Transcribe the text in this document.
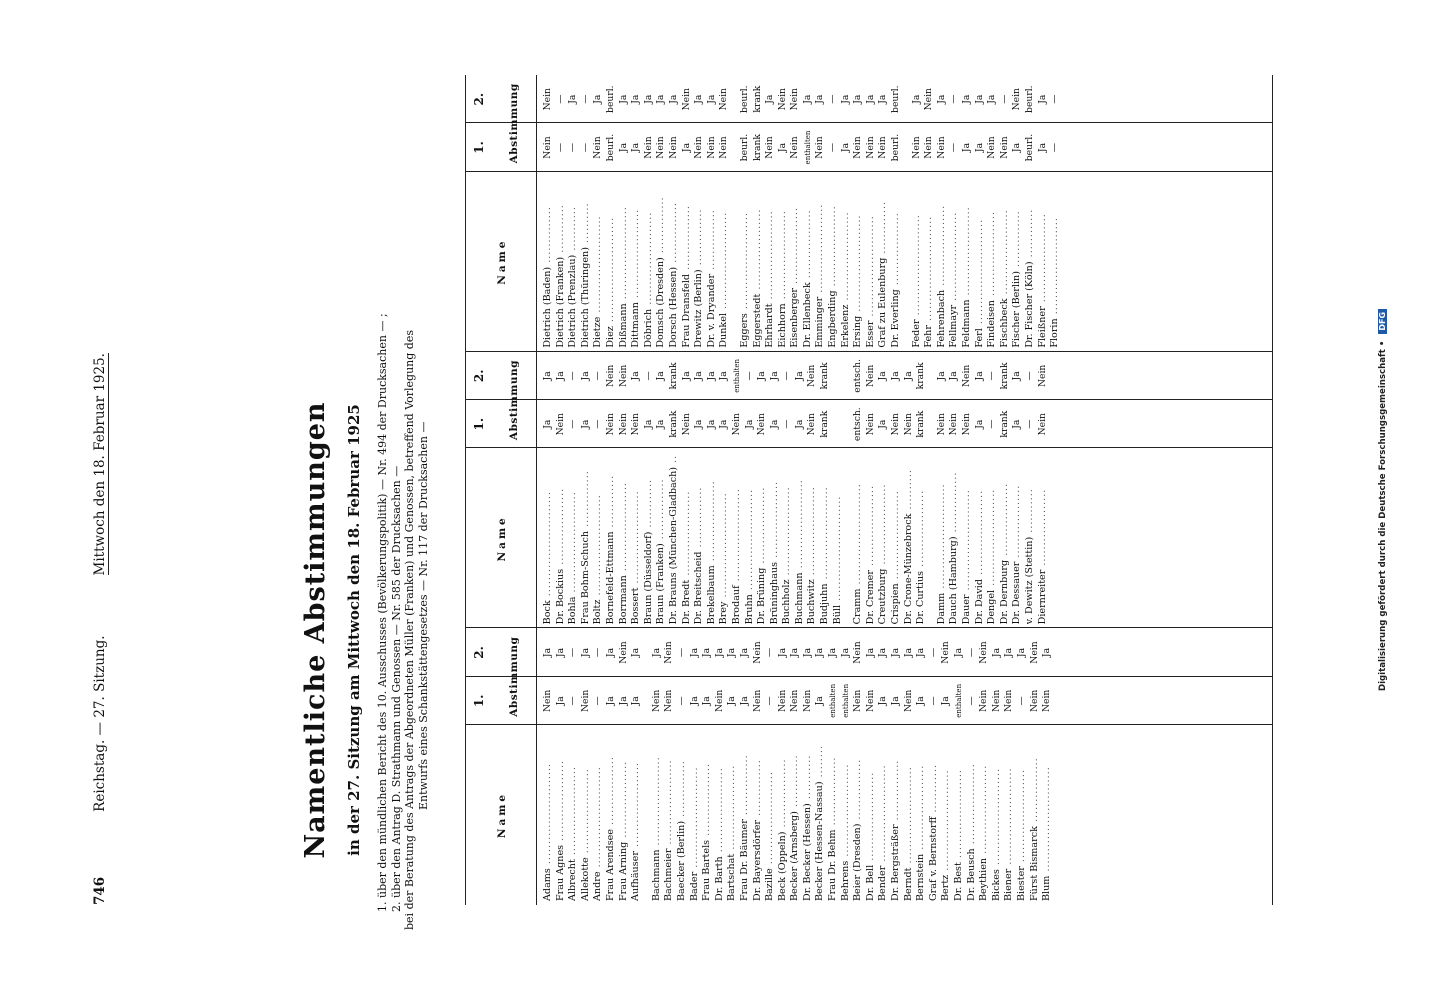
746
Reichstag. — 27. Sitzung.
Mittwoch den 18. Februar 1925.	Namentliche Abstimmungen in der 27. Sitzung am Mittwoch den 18. Februar 1925 1. über den mündlichen Bericht des 10. Ausschusses (Bevölkerungspolitik) — Nr. 494 der Drucksachen — ; 2. über den Antrag D. Strathmann und Genossen — Nr. 585 der Drucksachen — bei der Beratung des Antrags der Abgeordneten Müller (Franken) und Genossen, betreffend Vorlegung des Entwurfs eines Schankstättengesetzes — Nr. 117 der Drucksachen —
Name
1.
2. Abstimmung
Adams .........................
Nein
Ja
Frau Agnes ....................
Ja
Ja
Albrecht ......................
—
—
Allekotte .....................
Nein
Ja
Andre .........................
—
—
Frau Arendsee .................
Ja
Ja
Frau Arning ...................
Ja
Nein
Aufhäuser .....................
Ja
Ja
Bachmann ......................
Nein
Ja
Bachmeier .....................
Nein
Nein
Baecker (Berlin) ..............
—
—
Bader .........................
Ja
Ja
Frau Bartels ..................
Ja
Ja
Dr. Barth .....................
Nein
Ja
Bartschat .....................
Ja
Ja
Frau Dr. Bäumer ...............
Ja
Ja
Dr. Bayersdörfer ..............
Nein
Nein
Bazille .......................
—
—
Beck (Oppeln) .................
Nein
Ja
Becker (Arnsberg) .............
Nein
Ja
Dr. Becker (Hessen) ...........
Nein
Ja
Becker (Hessen-Nassau) ........
Ja
Ja
Frau Dr. Behm .................
enthalten
Ja
Behrens .......................
enthalten
Ja
Beier (Dresden) ...............
Nein
Nein
Dr. Bell ......................
Nein
Ja
Bender ........................
Ja
Ja
Dr. Bergsträßer ...............
Ja
Ja
Berndt ........................
Nein
Ja
Bernstein .....................
Ja
Ja
Graf v. Bernstorff ............
—
—
Bertz .........................
Ja
Nein
Dr. Best ......................
enthalten
Ja
Dr. Beusch ....................
—
—
Beythien ......................
Nein
Nein
Bickes ........................
Nein
Ja
Biener ........................
Nein
Ja
Biester .......................
—
Ja
Fürst Bismarck ................
Nein
Nein
Blum ..........................
Nein
Ja
Name
1.
2. Abstimmung
Bock ..........................
Ja
Ja
Dr. Bockius ...................
Nein
Ja
Bohla .........................
—
—
Frau Bohm-Schuch ..............
Ja
Ja
Boltz .........................
—
—
Bornefeld-Ettmann .............
Nein
Nein
Borrmann ......................
Nein
Nein
Bossert .......................
Nein
Ja
Braun (Düsseldorf) ............
Ja
—
Braun (Franken) ...............
Ja
Ja
Dr. Brauns (München-Gladbach) ..
krank
krank
Dr. Bredt .....................
Nein
Ja
Dr. Breitscheid ...............
Ja
Ja
Brekelbaum ....................
Ja
Ja
Brey ..........................
Ja
Ja
Brodauf .......................
Nein
enthalten
Bruhn .........................
Ja
—
Dr. Brüning ...................
Nein
Ja
Brüninghaus ...................
Ja
Ja
Buchholz ......................
—
—
Buchmann ......................
Ja
Ja
Buchwitz ......................
Nein
Nein
Budjuhn .......................
krank
krank
Büll ..........................
Cramm .........................
entsch.
entsch.
Dr. Cremer ....................
Nein
Nein
Creutzburg ....................
Ja
Ja
Crispien ......................
Nein
Ja
Dr. Crone-Münzebrock ..........
Nein
Ja
Dr. Curtius ...................
krank
krank
Damm ..........................
Nein
Ja
Dauch (Hamburg) ...............
Nein
Ja
Dauer .........................
Nein
Nein
Dr. David .....................
Ja
Ja
Dengel ........................
—
—
Dr. Dernburg ..................
krank
krank
Dr. Dessauer ..................
Ja
Ja
v. Dewitz (Stettin) ...........
—
—
Diernreiter ...................
Nein
Nein
Name
1.
2. Abstimmung
Dietrich (Baden) ..............
Nein
Nein
Dietrich (Franken) ............
—
—
Dietrich (Prenzlau) ...........
—
Ja
Dietrich (Thüringen) ..........
—
—
Dietze ........................
Nein
Ja
Diez ..........................
beurl.
beurl.
Dißmann .......................
Ja
Ja
Dittmann ......................
Ja
Ja
Döbrich .......................
Nein
Ja
Domsch (Dresden) ..............
Nein
Ja
Dorsch (Hessen) ...............
Nein
Ja
Frau Dransfeld ................
Ja
Nein
Drewitz (Berlin) ..............
Nein
Ja
Dr. v. Dryander ...............
Nein
Ja
Dunkel ........................
Nein
Nein
Eggers ........................
beurl.
beurl.
Eggerstedt ....................
krank
krank
Ehrhardt ......................
Nein
Ja
Eichhorn ......................
Ja
Nein
Eisenberger ...................
Nein
Nein
Dr. Ellenbeck .................
enthalten
Ja
Emminger ......................
Nein
Ja
Engberding ....................
—
—
Erkelenz ......................
Ja
Ja
Ersing ........................
Nein
Ja
Esser .........................
Nein
Ja
Graf zu Eulenburg .............
Nein
Ja
Dr. Everling ..................
beurl.
beurl.
Feder .........................
Nein
Ja
Fehr ..........................
Nein
Nein
Fehrenbach ....................
Nein
Ja
Fellmayr ......................
—
—
Feldmann ......................
Ja
Ja
Ferl ..........................
Ja
Ja
Findeisen .....................
Nein
Ja
Fischbeck .....................
Nein
—
Fischer (Berlin) ..............
Ja
Nein
Dr. Fischer (Köln) ............
beurl.
beurl.
Fleißner ......................
Ja
Ja
Florin ........................
—
—
Digitalisierung gefördert durch die Deutsche Forschungsgemeinschaft • DFG
